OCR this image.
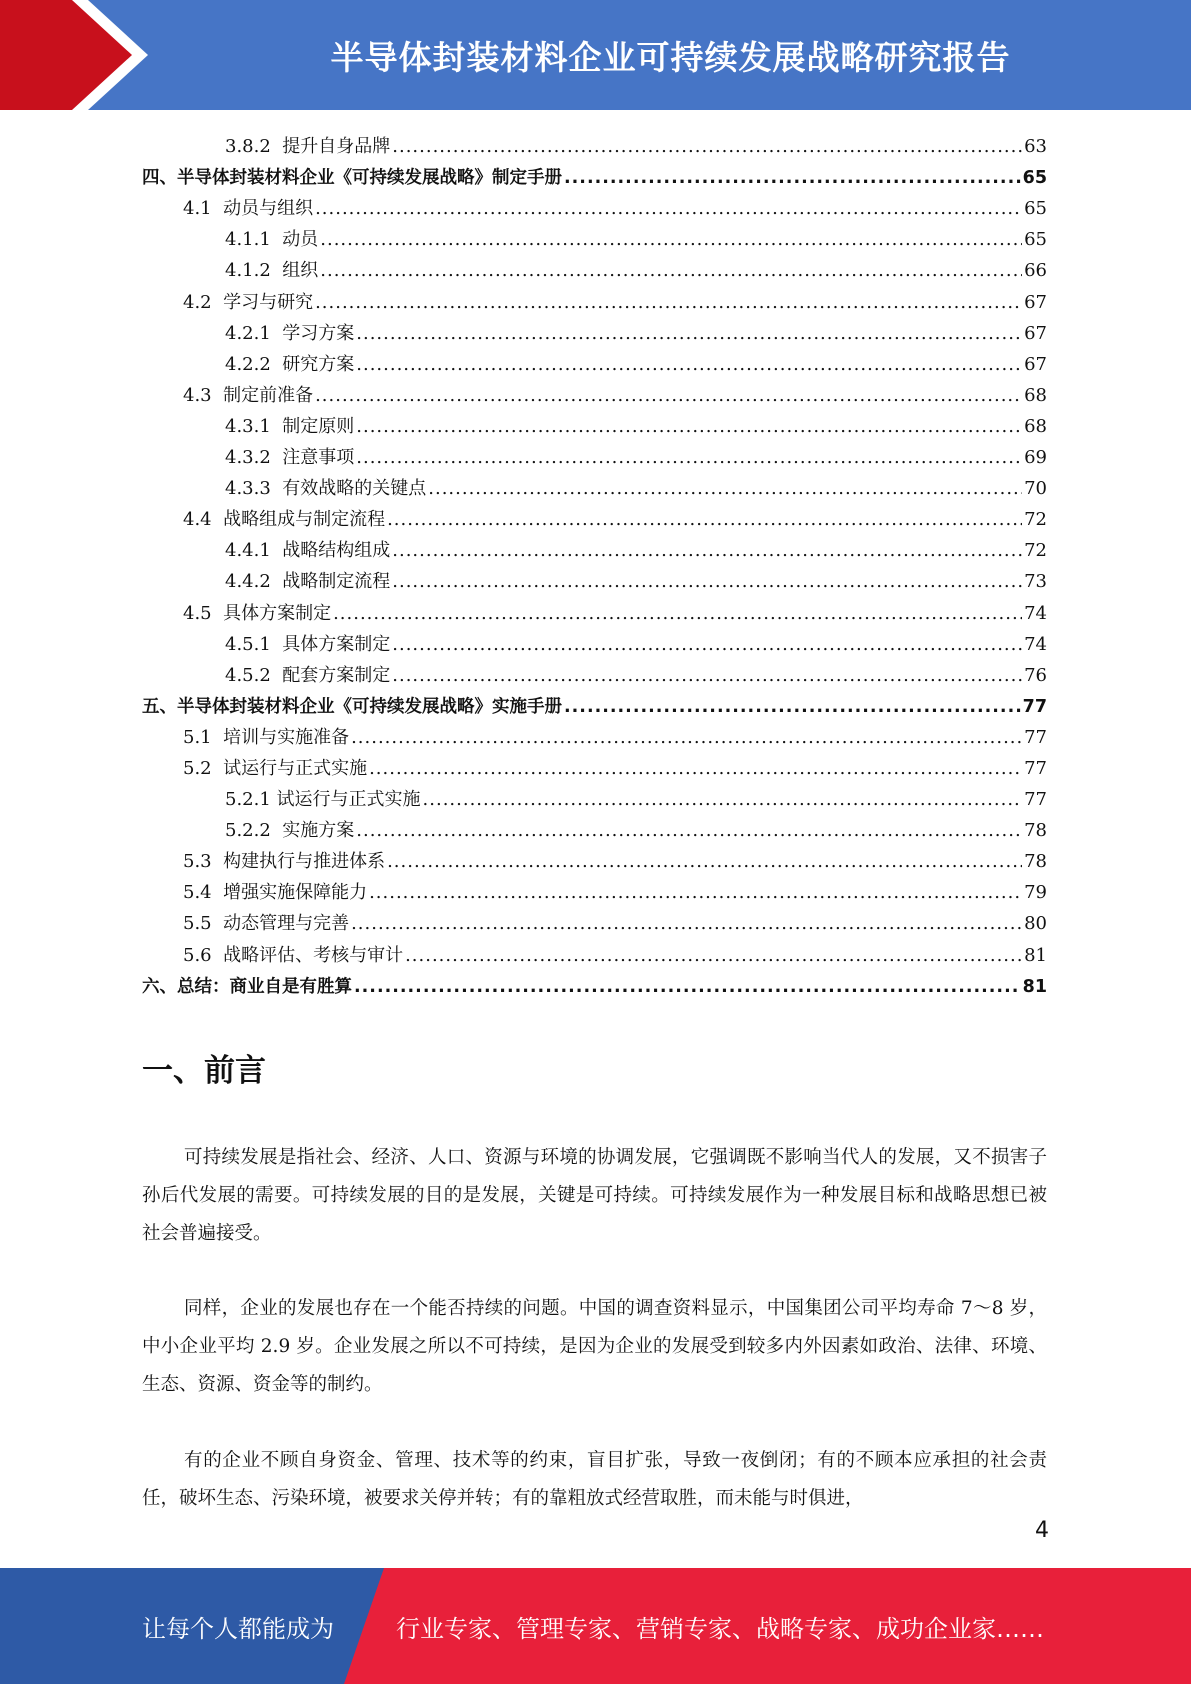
半导体封装材料企业可持续发展战略研究报告
3.8.2  提升自身品牌 .....	63
四、半导体封装材料企业《可持续发展战略》制定手册 .....	65
4.1  动员与组织 .....	65
4.1.1  动员 .....	65
4.1.2  组织 .....	66
4.2  学习与研究 .....	67
4.2.1  学习方案 .....	67
4.2.2  研究方案 .....	67
4.3  制定前准备 .....	68
4.3.1  制定原则 .....	68
4.3.2  注意事项 .....	69
4.3.3  有效战略的关键点 .....	70
4.4  战略组成与制定流程 .....	72
4.4.1  战略结构组成 .....	72
4.4.2  战略制定流程 .....	73
4.5  具体方案制定 .....	74
4.5.1  具体方案制定 .....	74
4.5.2  配套方案制定 .....	76
五、半导体封装材料企业《可持续发展战略》实施手册 .....	77
5.1  培训与实施准备 .....	77
5.2  试运行与正式实施 .....	77
5.2.1 试运行与正式实施 .....	77
5.2.2  实施方案 .....	78
5.3  构建执行与推进体系 .....	78
5.4  增强实施保障能力 .....	79
5.5  动态管理与完善 .....	80
5.6  战略评估、考核与审计 .....	81
六、总结：商业自是有胜算 .....	81
一、前言

可持续发展是指社会、经济、人口、资源与环境的协调发展，它强调既不影响当代人的发展，又不损害子孙后代发展的需要。可持续发展的目的是发展，关键是可持续。可持续发展作为一种发展目标和战略思想已被社会普遍接受。

同样，企业的发展也存在一个能否持续的问题。中国的调查资料显示，中国集团公司平均寿命 7～8 岁，中小企业平均 2.9 岁。企业发展之所以不可持续，是因为企业的发展受到较多内外因素如政治、法律、环境、生态、资源、资金等的制约。

有的企业不顾自身资金、管理、技术等的约束，盲目扩张，导致一夜倒闭；有的不顾本应承担的社会责任，破坏生态、污染环境，被要求关停并转；有的靠粗放式经营取胜，而未能与时俱进，

4
让每个人都能成为	行业专家、管理专家、营销专家、战略专家、成功企业家……
